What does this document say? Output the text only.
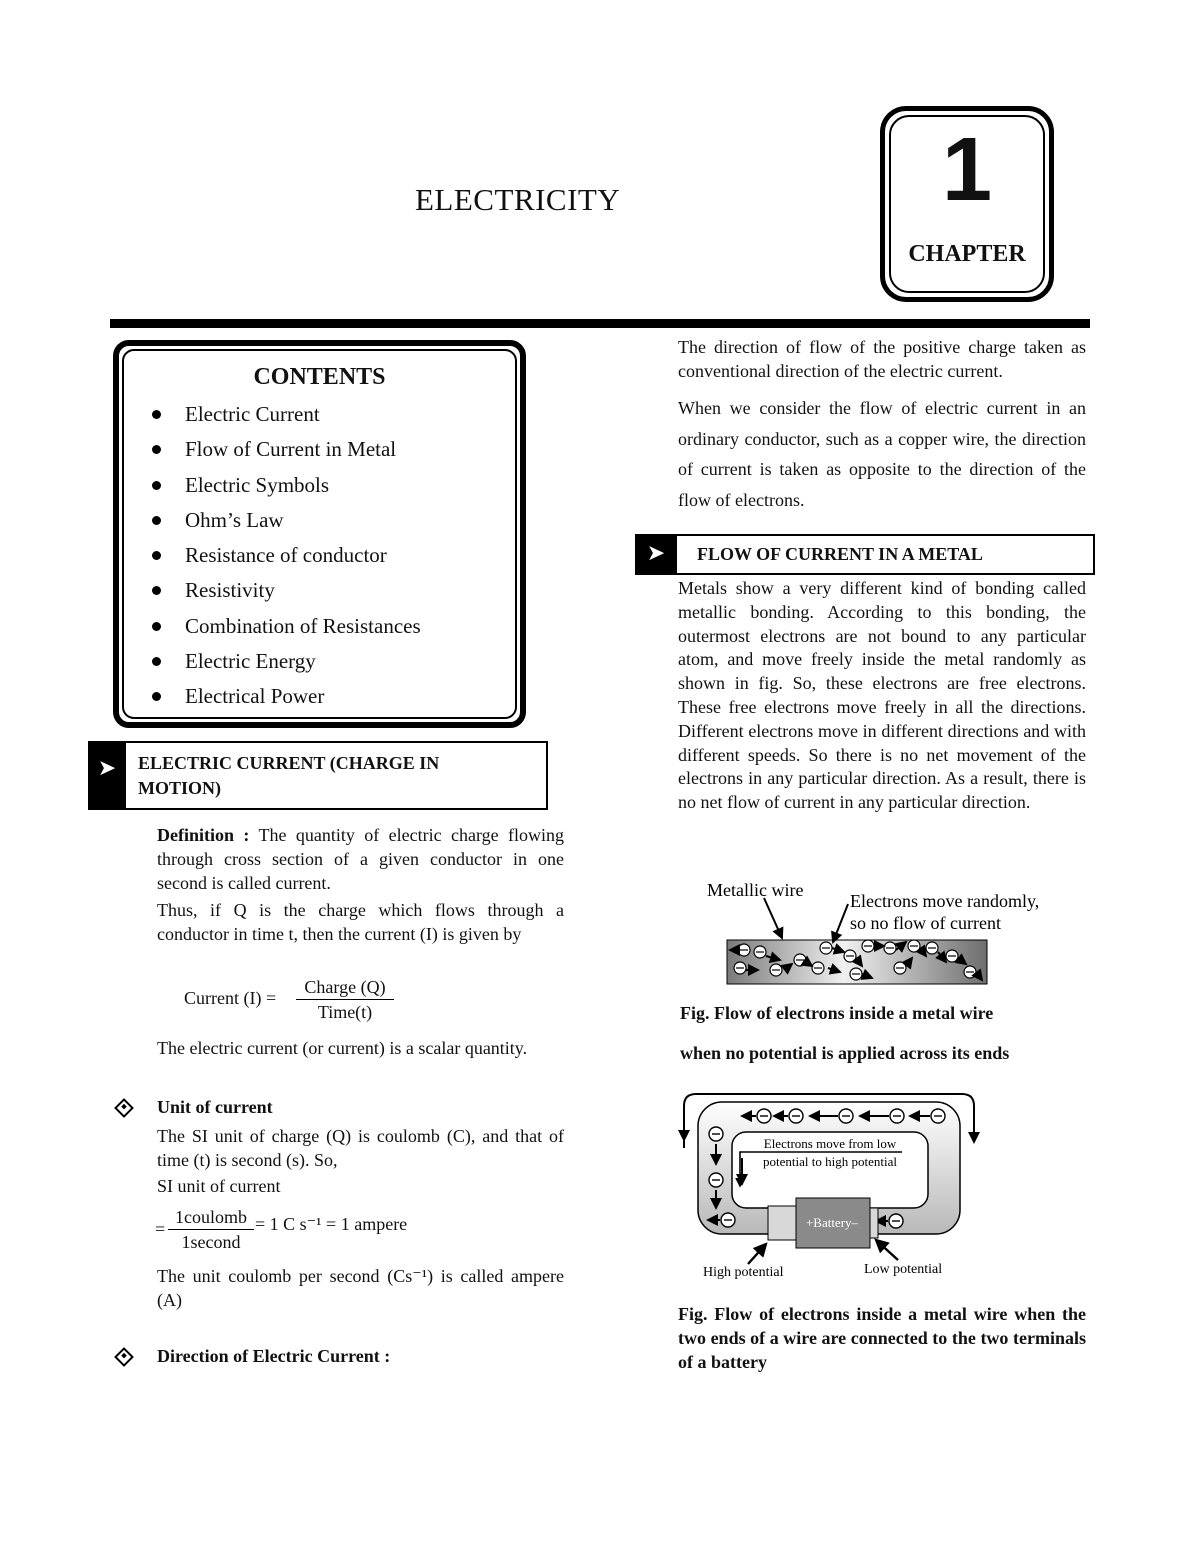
ELECTRICITY	1
CHAPTER
CONTENTS
Electric Current
Flow of Current in Metal
Electric Symbols
Ohm’s Law
Resistance of conductor
Resistivity
Combination of Resistances
Electric Energy
Electrical Power
➤	ELECTRIC CURRENT (CHARGE IN
MOTION)
Definition : The quantity of electric charge flowing through cross section of a given conductor in one second is called current.
Thus, if Q is the charge which flows through a conductor in time t, then the current (I) is given by
Current (I) =
Charge (Q)
Time(t)
The electric current (or current) is a scalar quantity.
Unit of current
The SI unit of charge (Q) is coulomb (C), and that of time (t) is second (s). So,
SI unit of current
=
1coulomb
1second
= 1 C s⁻¹ = 1 ampere
The unit coulomb per second (Cs⁻¹) is called ampere (A)
Direction of Electric Current :
The direction of flow of the positive charge taken as conventional direction of the electric current.
When we consider the flow of electric current in an ordinary conductor, such as a copper wire, the direction of current is taken as opposite to the direction of the flow of electrons.
➤	FLOW OF CURRENT IN A METAL
Metals show a very different kind of bonding called metallic bonding. According to this bonding, the outermost electrons are not bound to any particular atom, and move freely inside the metal randomly as shown in fig. So, these electrons are free electrons. These free electrons move freely in all the directions. Different electrons move in different directions and with different speeds. So there is no net movement of the electrons in any particular direction. As a result, there is no net flow of current in any particular direction.
Metallic wire
Electrons move randomly,
so no flow of current
Fig. Flow of electrons inside a metal wire
when no potential is applied across its ends
+Battery–
Electrons move from low
potential to high potential
High potential	Low potential
Fig. Flow of electrons inside a metal wire when the two ends of a wire are connected to the two terminals of a battery
